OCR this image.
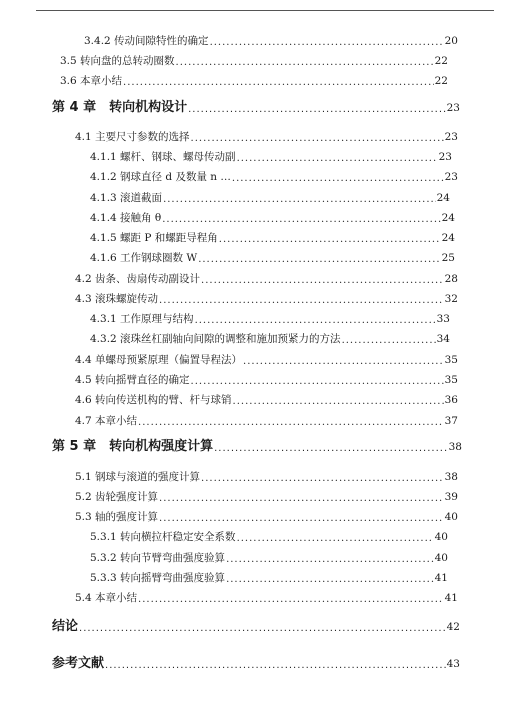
3.4.2 传动间隙特性的确定 .....	20
3.5 转向盘的总转动圈数 .....	22
3.6 本章小结 .....	22
第 4 章　转向机构设计 .....	23
4.1 主要尺寸参数的选择 .....	23
4.1.1 螺杆、钢球、螺母传动副 .....	23
4.1.2 钢球直径 d 及数量 n … .....	23
4.1.3 滚道截面 .....	24
4.1.4 接触角 θ .....	24
4.1.5 螺距 P 和螺距导程角 .....	24
4.1.6 工作钢球圈数 W .....	25
4.2 齿条、齿扇传动副设计 .....	28
4.3 滚珠螺旋传动 .....	32
4.3.1 工作原理与结构 .....	33
4.3.2 滚珠丝杠副轴向间隙的调整和施加预紧力的方法 .....	34
4.4 单螺母预紧原理（偏置导程法） .....	35
4.5 转向摇臂直径的确定 .....	35
4.6 转向传送机构的臂、杆与球销 .....	36
4.7 本章小结 .....	37
第 5 章　转向机构强度计算 .....	38
5.1 钢球与滚道的强度计算 .....	38
5.2 齿轮强度计算 .....	39
5.3 轴的强度计算 .....	40
5.3.1 转向横拉杆稳定安全系数 .....	40
5.3.2 转向节臂弯曲强度验算 .....	40
5.3.3 转向摇臂弯曲强度验算 .....	41
5.4 本章小结 .....	41
结论 .....	42
参考文献 .....	43
